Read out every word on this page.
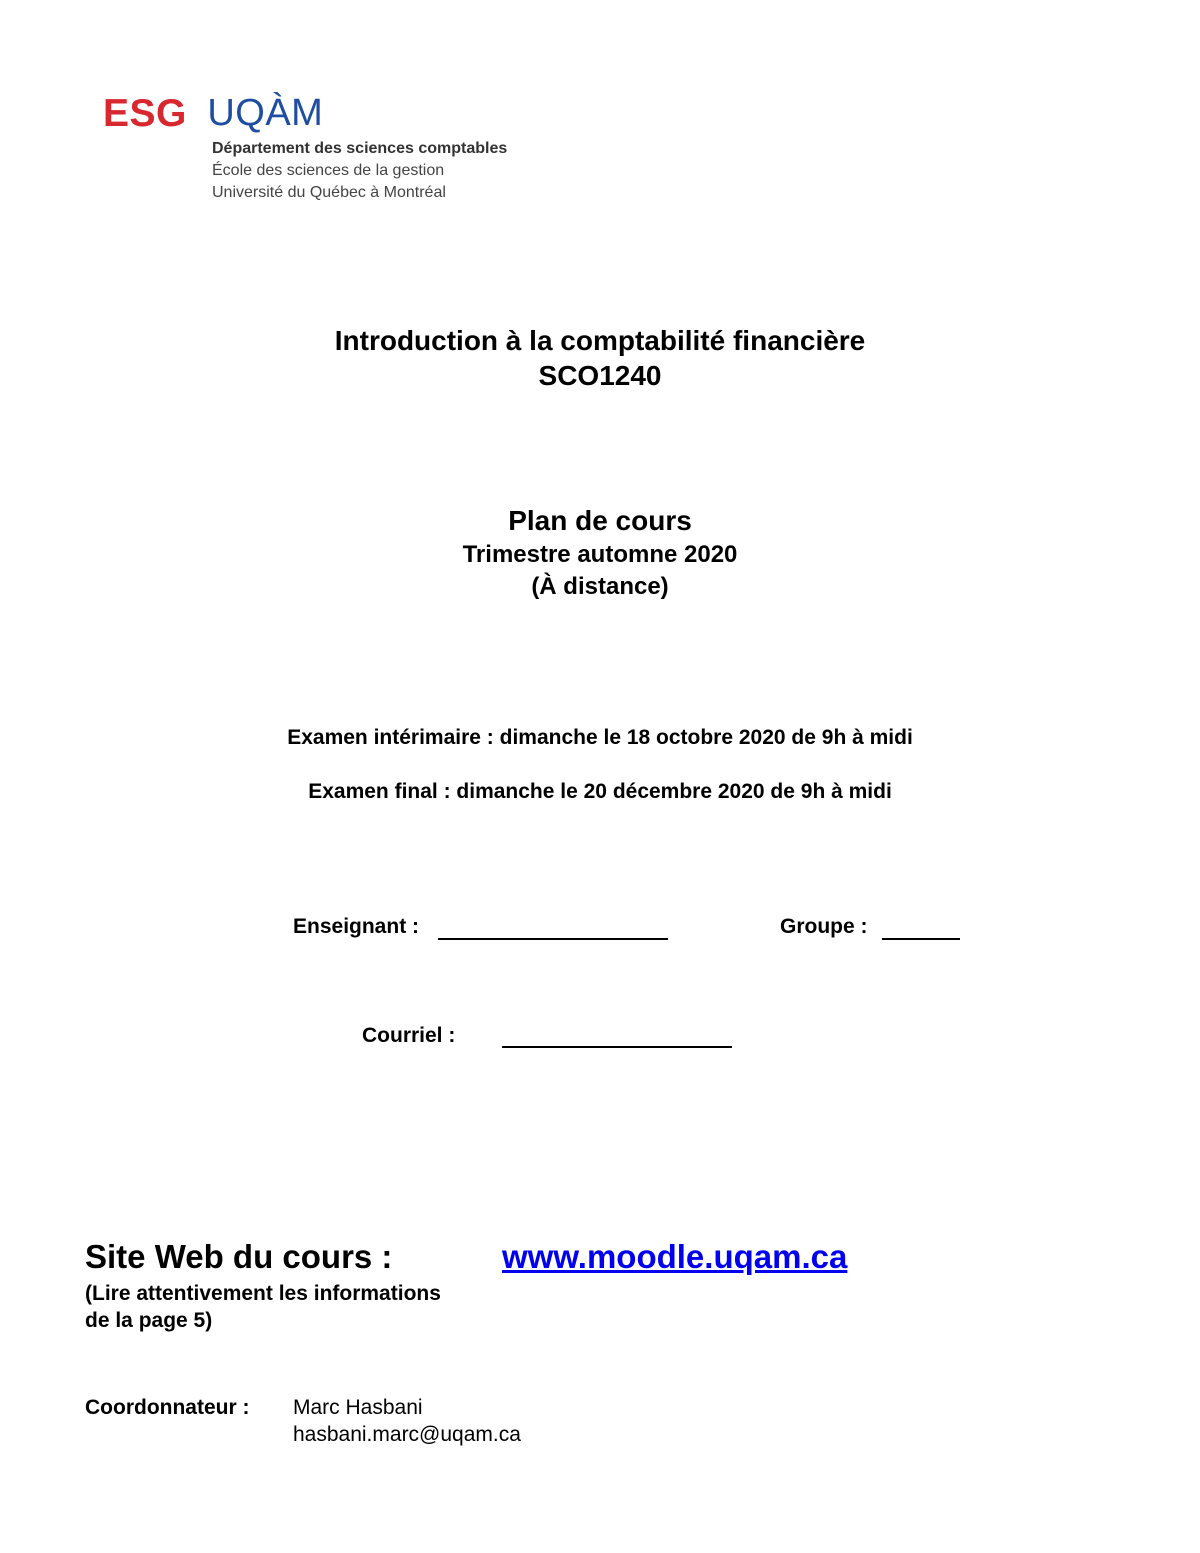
ESG UQÀM
Département des sciences comptables
École des sciences de la gestion
Université du Québec à Montréal
Introduction à la comptabilité financière
SCO1240
Plan de cours
Trimestre automne 2020
(À distance)
Examen intérimaire : dimanche le 18 octobre 2020 de 9h à midi
Examen final : dimanche le 20 décembre 2020 de 9h à midi
Enseignant :	Groupe :
Courriel :
Site Web du cours :	www.moodle.uqam.ca
(Lire attentivement les informations
de la page 5)
Coordonnateur : Marc Hasbani
hasbani.marc@uqam.ca
